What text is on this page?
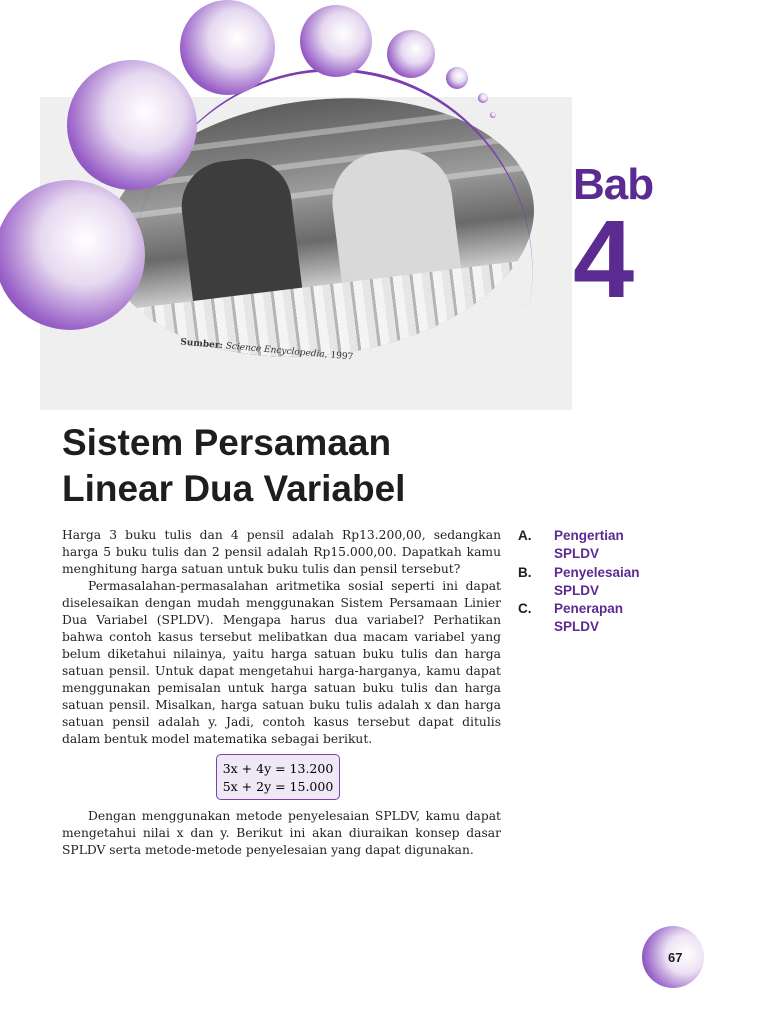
Sumber: Science Encyclopedia, 1997
Bab
4
Sistem Persamaan
Linear Dua Variabel

Harga 3 buku tulis dan 4 pensil adalah Rp13.200,00, sedangkan harga 5 buku tulis dan 2 pensil adalah Rp15.000,00. Dapatkah kamu menghitung harga satuan untuk buku tulis dan pensil tersebut?

Permasalahan-permasalahan aritmetika sosial seperti ini dapat diselesaikan dengan mudah menggunakan Sistem Persamaan Linier Dua Variabel (SPLDV). Mengapa harus dua variabel? Perhatikan bahwa contoh kasus tersebut melibatkan dua macam variabel yang belum diketahui nilainya, yaitu harga satuan buku tulis dan harga satuan pensil. Untuk dapat mengetahui harga-harganya, kamu dapat menggunakan pemisalan untuk harga satuan buku tulis dan harga satuan pensil. Misalkan, harga satuan buku tulis adalah x dan harga satuan pensil adalah y. Jadi, contoh kasus tersebut dapat ditulis dalam bentuk model matematika sebagai berikut.

3x + 4y = 13.200
5x + 2y = 15.000

Dengan menggunakan metode penyelesaian SPLDV, kamu dapat mengetahui nilai x dan y. Berikut ini akan diuraikan konsep dasar SPLDV serta metode-metode penyelesaian yang dapat digunakan.

A.	Pengertian SPLDV
B.	Penyelesaian SPLDV
C.	Penerapan SPLDV
67
